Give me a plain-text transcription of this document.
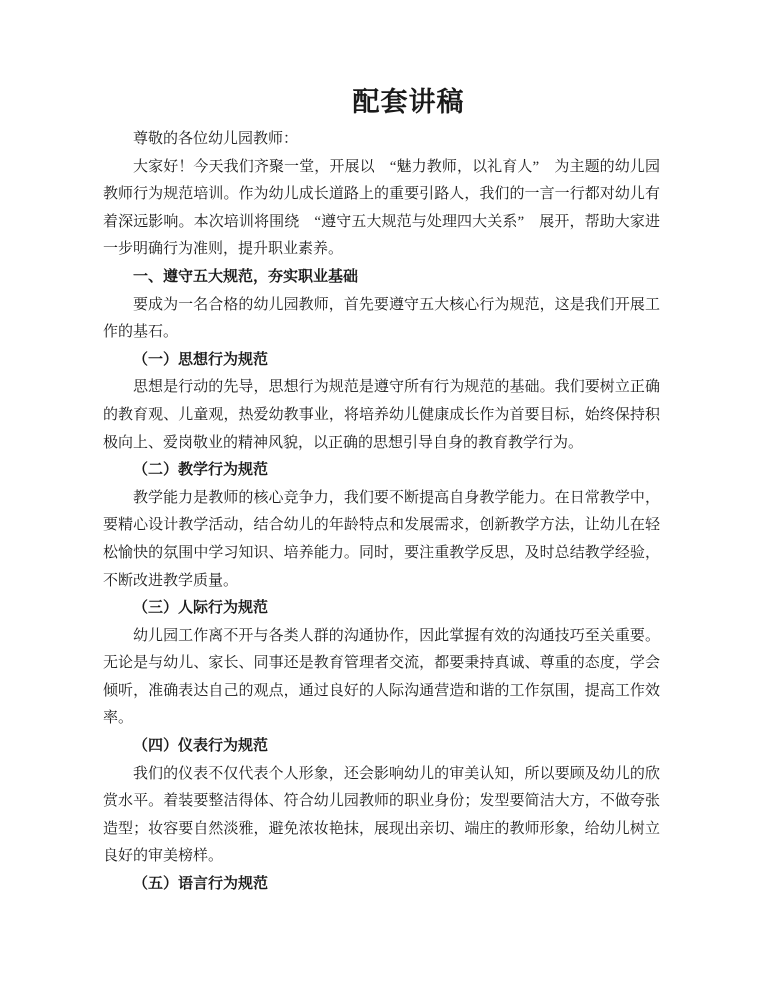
配套讲稿

尊敬的各位幼儿园教师：

大家好！今天我们齐聚一堂，开展以　“魅力教师，以礼育人”　为主题的幼儿园教师行为规范培训。作为幼儿成长道路上的重要引路人，我们的一言一行都对幼儿有着深远影响。本次培训将围绕　“遵守五大规范与处理四大关系”　展开，帮助大家进一步明确行为准则，提升职业素养。

一、遵守五大规范，夯实职业基础

要成为一名合格的幼儿园教师，首先要遵守五大核心行为规范，这是我们开展工作的基石。

（一）思想行为规范

思想是行动的先导，思想行为规范是遵守所有行为规范的基础。我们要树立正确的教育观、儿童观，热爱幼教事业，将培养幼儿健康成长作为首要目标，始终保持积极向上、爱岗敬业的精神风貌，以正确的思想引导自身的教育教学行为。

（二）教学行为规范

教学能力是教师的核心竞争力，我们要不断提高自身教学能力。在日常教学中，要精心设计教学活动，结合幼儿的年龄特点和发展需求，创新教学方法，让幼儿在轻松愉快的氛围中学习知识、培养能力。同时，要注重教学反思，及时总结教学经验，不断改进教学质量。

（三）人际行为规范

幼儿园工作离不开与各类人群的沟通协作，因此掌握有效的沟通技巧至关重要。无论是与幼儿、家长、同事还是教育管理者交流，都要秉持真诚、尊重的态度，学会倾听，准确表达自己的观点，通过良好的人际沟通营造和谐的工作氛围，提高工作效率。

（四）仪表行为规范

我们的仪表不仅代表个人形象，还会影响幼儿的审美认知，所以要顾及幼儿的欣赏水平。着装要整洁得体、符合幼儿园教师的职业身份；发型要简洁大方，不做夸张造型；妆容要自然淡雅，避免浓妆艳抹，展现出亲切、端庄的教师形象，给幼儿树立良好的审美榜样。

（五）语言行为规范
